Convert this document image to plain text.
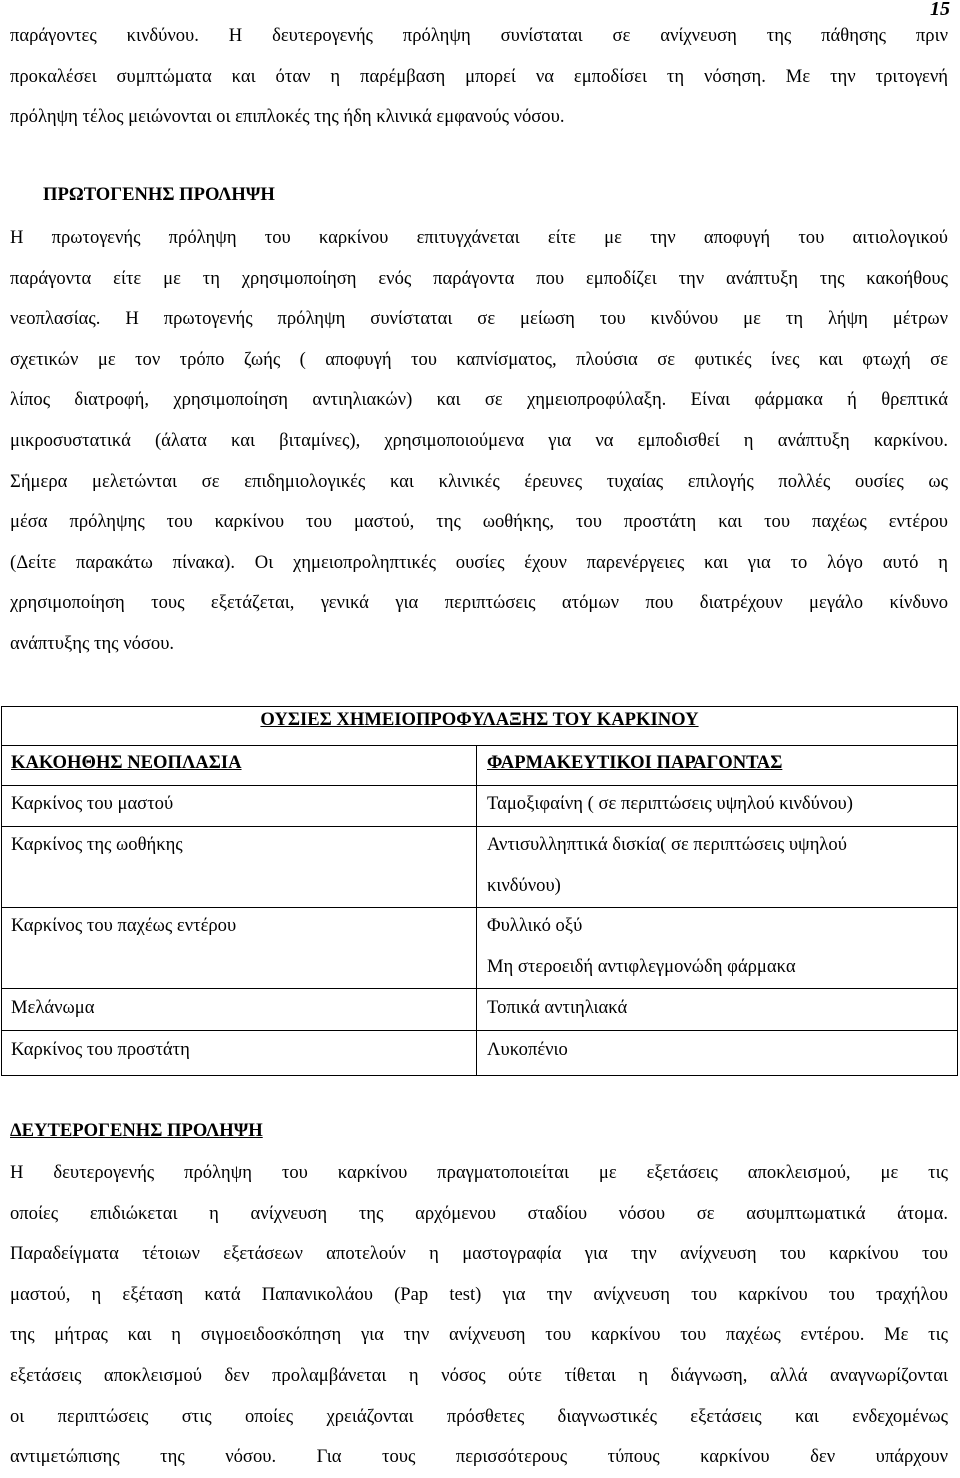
15
παράγοντες κινδύνου. Η δευτερογενής πρόληψη συνίσταται σε ανίχνευση της πάθησης πριν
προκαλέσει συμπτώματα και όταν η παρέμβαση μπορεί να εμποδίσει τη νόσηση. Με την τριτογενή
πρόληψη τέλος μειώνονται οι επιπλοκές της ήδη κλινικά εμφανούς νόσου.
ΠΡΩΤΟΓΕΝΗΣ ΠΡΟΛΗΨΗ
Η πρωτογενής πρόληψη του καρκίνου επιτυγχάνεται είτε με την αποφυγή του αιτιολογικού
παράγοντα είτε με τη χρησιμοποίηση ενός παράγοντα που εμποδίζει την ανάπτυξη της κακοήθους
νεοπλασίας. Η πρωτογενής πρόληψη συνίσταται σε μείωση του κινδύνου με τη λήψη μέτρων
σχετικών με τον τρόπο ζωής ( αποφυγή του καπνίσματος, πλούσια σε φυτικές ίνες και φτωχή σε
λίπος διατροφή, χρησιμοποίηση αντιηλιακών) και σε χημειοπροφύλαξη. Είναι φάρμακα ή θρεπτικά
μικροσυστατικά (άλατα και βιταμίνες), χρησιμοποιούμενα για να εμποδισθεί η ανάπτυξη καρκίνου.
Σήμερα μελετώνται σε επιδημιολογικές και κλινικές έρευνες τυχαίας επιλογής πολλές ουσίες ως
μέσα πρόληψης του καρκίνου του μαστού, της ωοθήκης, του προστάτη και του παχέως εντέρου
(Δείτε παρακάτω πίνακα). Οι χημειοπροληπτικές ουσίες έχουν παρενέργειες και για το λόγο αυτό η
χρησιμοποίηση τους εξετάζεται, γενικά για περιπτώσεις ατόμων που διατρέχουν μεγάλο κίνδυνο
ανάπτυξης της νόσου.
ΟΥΣΙΕΣ ΧΗΜΕΙΟΠΡΟΦΥΛΑΞΗΣ ΤΟΥ ΚΑΡΚΙΝΟΥ
ΚΑΚΟΗΘΗΣ ΝΕΟΠΛΑΣΙΑ	ΦΑΡΜΑΚΕΥΤΙΚΟΙ ΠΑΡΑΓΟΝΤΑΣ
Καρκίνος του μαστού	Ταμοξιφαίνη ( σε περιπτώσεις υψηλού κινδύνου)
Καρκίνος της ωοθήκης	Αντισυλληπτικά δισκία( σε περιπτώσεις υψηλού
κινδύνου)
Καρκίνος του παχέως εντέρου	Φυλλικό οξύ
Μη στεροειδή αντιφλεγμονώδη φάρμακα
Μελάνωμα	Τοπικά αντιηλιακά
Καρκίνος του προστάτη	Λυκοπένιο
ΔΕΥΤΕΡΟΓΕΝΗΣ ΠΡΟΛΗΨΗ
Η δευτερογενής πρόληψη του καρκίνου πραγματοποιείται με εξετάσεις αποκλεισμού, με τις
οποίες επιδιώκεται η ανίχνευση της αρχόμενου σταδίου νόσου σε ασυμπτωματικά άτομα.
Παραδείγματα τέτοιων εξετάσεων αποτελούν η μαστογραφία για την ανίχνευση του καρκίνου του
μαστού, η εξέταση κατά Παπανικολάου (Pap test) για την ανίχνευση του καρκίνου του τραχήλου
της μήτρας και η σιγμοειδοσκόπηση για την ανίχνευση του καρκίνου του παχέως εντέρου. Με τις
εξετάσεις αποκλεισμού δεν προλαμβάνεται η νόσος ούτε τίθεται η διάγνωση, αλλά αναγνωρίζονται
οι περιπτώσεις στις οποίες χρειάζονται πρόσθετες διαγνωστικές εξετάσεις και ενδεχομένως
αντιμετώπισης της νόσου. Για τους περισσότερους τύπους καρκίνου δεν υπάρχουν
